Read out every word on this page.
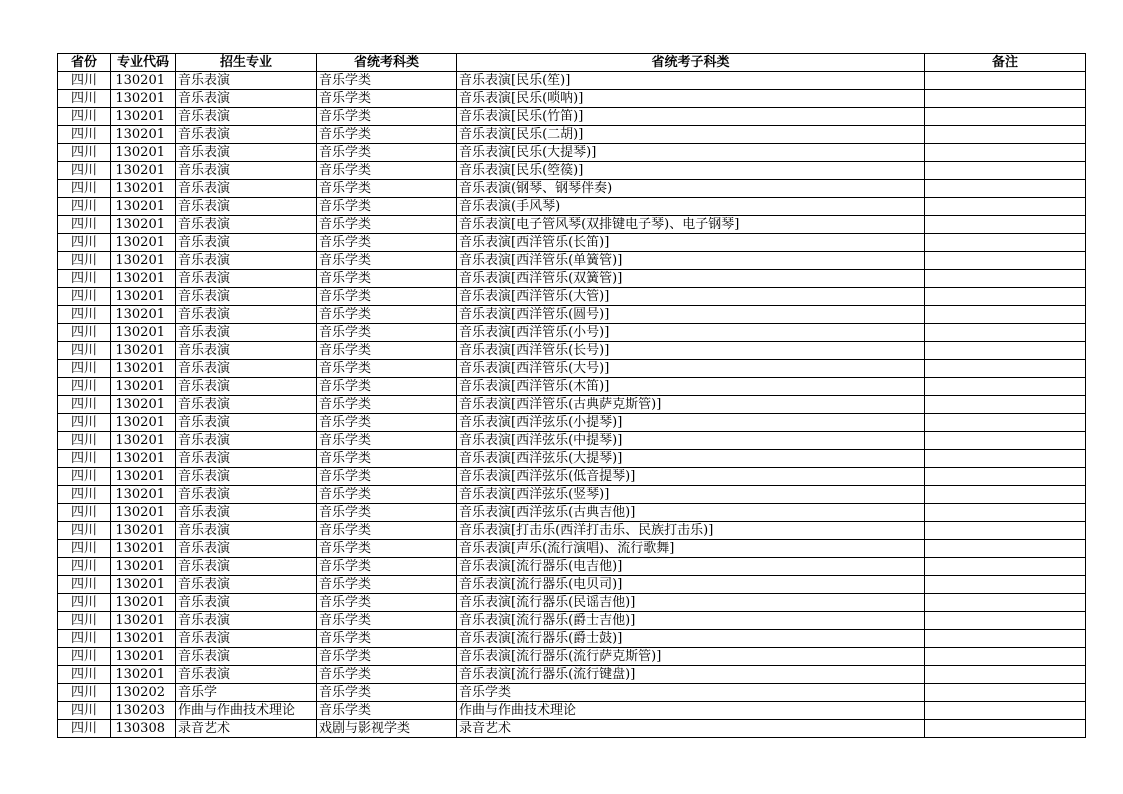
省份	专业代码	招生专业	省统考科类	省统考子科类	备注
四川	130201	音乐表演	音乐学类	音乐表演[民乐(笙)]	
四川	130201	音乐表演	音乐学类	音乐表演[民乐(唢呐)]	
四川	130201	音乐表演	音乐学类	音乐表演[民乐(竹笛)]	
四川	130201	音乐表演	音乐学类	音乐表演[民乐(二胡)]	
四川	130201	音乐表演	音乐学类	音乐表演[民乐(大提琴)]	
四川	130201	音乐表演	音乐学类	音乐表演[民乐(箜篌)]	
四川	130201	音乐表演	音乐学类	音乐表演(钢琴、钢琴伴奏)	
四川	130201	音乐表演	音乐学类	音乐表演(手风琴)	
四川	130201	音乐表演	音乐学类	音乐表演[电子管风琴(双排键电子琴)、电子钢琴]	
四川	130201	音乐表演	音乐学类	音乐表演[西洋管乐(长笛)]	
四川	130201	音乐表演	音乐学类	音乐表演[西洋管乐(单簧管)]	
四川	130201	音乐表演	音乐学类	音乐表演[西洋管乐(双簧管)]	
四川	130201	音乐表演	音乐学类	音乐表演[西洋管乐(大管)]	
四川	130201	音乐表演	音乐学类	音乐表演[西洋管乐(圆号)]	
四川	130201	音乐表演	音乐学类	音乐表演[西洋管乐(小号)]	
四川	130201	音乐表演	音乐学类	音乐表演[西洋管乐(长号)]	
四川	130201	音乐表演	音乐学类	音乐表演[西洋管乐(大号)]	
四川	130201	音乐表演	音乐学类	音乐表演[西洋管乐(木笛)]	
四川	130201	音乐表演	音乐学类	音乐表演[西洋管乐(古典萨克斯管)]	
四川	130201	音乐表演	音乐学类	音乐表演[西洋弦乐(小提琴)]	
四川	130201	音乐表演	音乐学类	音乐表演[西洋弦乐(中提琴)]	
四川	130201	音乐表演	音乐学类	音乐表演[西洋弦乐(大提琴)]	
四川	130201	音乐表演	音乐学类	音乐表演[西洋弦乐(低音提琴)]	
四川	130201	音乐表演	音乐学类	音乐表演[西洋弦乐(竖琴)]	
四川	130201	音乐表演	音乐学类	音乐表演[西洋弦乐(古典吉他)]	
四川	130201	音乐表演	音乐学类	音乐表演[打击乐(西洋打击乐、民族打击乐)]	
四川	130201	音乐表演	音乐学类	音乐表演[声乐(流行演唱)、流行歌舞]	
四川	130201	音乐表演	音乐学类	音乐表演[流行器乐(电吉他)]	
四川	130201	音乐表演	音乐学类	音乐表演[流行器乐(电贝司)]	
四川	130201	音乐表演	音乐学类	音乐表演[流行器乐(民谣吉他)]	
四川	130201	音乐表演	音乐学类	音乐表演[流行器乐(爵士吉他)]	
四川	130201	音乐表演	音乐学类	音乐表演[流行器乐(爵士鼓)]	
四川	130201	音乐表演	音乐学类	音乐表演[流行器乐(流行萨克斯管)]	
四川	130201	音乐表演	音乐学类	音乐表演[流行器乐(流行键盘)]	
四川	130202	音乐学	音乐学类	音乐学类	
四川	130203	作曲与作曲技术理论	音乐学类	作曲与作曲技术理论	
四川	130308	录音艺术	戏剧与影视学类	录音艺术	
